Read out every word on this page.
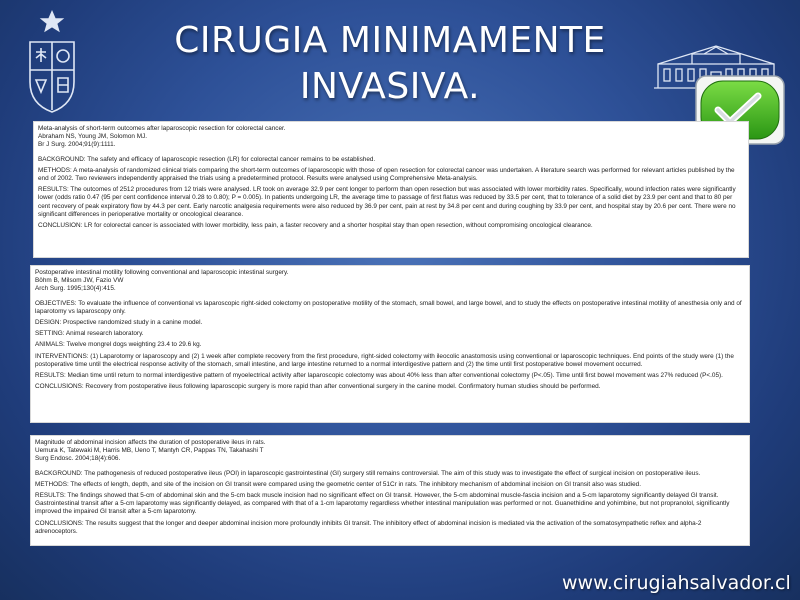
CIRUGIA MINIMAMENTE
INVASIVA.

Meta-analysis of short-term outcomes after laparoscopic resection for colorectal cancer.

Abraham NS, Young JM, Solomon MJ.

Br J Surg. 2004;91(9):1111.

BACKGROUND: The safety and efficacy of laparoscopic resection (LR) for colorectal cancer remains to be established.

METHODS: A meta-analysis of randomized clinical trials comparing the short-term outcomes of laparoscopic with those of open resection for colorectal cancer was undertaken. A literature search was performed for relevant articles published by the end of 2002. Two reviewers independently appraised the trials using a predetermined protocol. Results were analysed using Comprehensive Meta-analysis.

RESULTS: The outcomes of 2512 procedures from 12 trials were analysed. LR took on average 32.9 per cent longer to perform than open resection but was associated with lower morbidity rates. Specifically, wound infection rates were significantly lower (odds ratio 0.47 (95 per cent confidence interval 0.28 to 0.80); P = 0.005). In patients undergoing LR, the average time to passage of first flatus was reduced by 33.5 per cent, that to tolerance of a solid diet by 23.9 per cent and that to 80 per cent recovery of peak expiratory flow by 44.3 per cent. Early narcotic analgesia requirements were also reduced by 36.9 per cent, pain at rest by 34.8 per cent and during coughing by 33.9 per cent, and hospital stay by 20.6 per cent. There were no significant differences in perioperative mortality or oncological clearance.

CONCLUSION: LR for colorectal cancer is associated with lower morbidity, less pain, a faster recovery and a shorter hospital stay than open resection, without compromising oncological clearance.

Postoperative intestinal motility following conventional and laparoscopic intestinal surgery.

Böhm B, Milsom JW, Fazio VW

Arch Surg. 1995;130(4):415.

OBJECTIVES: To evaluate the influence of conventional vs laparoscopic right-sided colectomy on postoperative motility of the stomach, small bowel, and large bowel, and to study the effects on postoperative intestinal motility of anesthesia only and of laparotomy vs laparoscopy only.

DESIGN: Prospective randomized study in a canine model.

SETTING: Animal research laboratory.

ANIMALS: Twelve mongrel dogs weighting 23.4 to 29.6 kg.

INTERVENTIONS: (1) Laparotomy or laparoscopy and (2) 1 week after complete recovery from the first procedure, right-sided colectomy with ileocolic anastomosis using conventional or laparoscopic techniques. End points of the study were (1) the postoperative time until the electrical response activity of the stomach, small intestine, and large intestine returned to a normal interdigestive pattern and (2) the time until first postoperative bowel movement occurred.

RESULTS: Median time until return to normal interdigestive pattern of myoelectrical activity after laparoscopic colectomy was about 40% less than after conventional colectomy (P<.05). Time until first bowel movement was 27% reduced (P<.05).

CONCLUSIONS: Recovery from postoperative ileus following laparoscopic surgery is more rapid than after conventional surgery in the canine model. Confirmatory human studies should be performed.

Magnitude of abdominal incision affects the duration of postoperative ileus in rats.

Uemura K, Tatewaki M, Harris MB, Ueno T, Mantyh CR, Pappas TN, Takahashi T

Surg Endosc. 2004;18(4):606.

BACKGROUND: The pathogenesis of reduced postoperative ileus (POI) in laparoscopic gastrointestinal (GI) surgery still remains controversial. The aim of this study was to investigate the effect of surgical incision on postoperative ileus.

METHODS: The effects of length, depth, and site of the incision on GI transit were compared using the geometric center of 51Cr in rats. The inhibitory mechanism of abdominal incision on GI transit also was studied.

RESULTS: The findings showed that 5-cm of abdominal skin and the 5-cm back muscle incision had no significant effect on GI transit. However, the 5-cm abdominal muscle-fascia incision and a 5-cm laparotomy significantly delayed GI transit. Gastrointestinal transit after a 5-cm laparotomy was significantly delayed, as compared with that of a 1-cm laparotomy regardless whether intestinal manipulation was performed or not. Guanethidine and yohimbine, but not propranolol, significantly improved the impaired GI transit after a 5-cm laparotomy.

CONCLUSIONS: The results suggest that the longer and deeper abdominal incision more profoundly inhibits GI transit. The inhibitory effect of abdominal incision is mediated via the activation of the somatosympathetic reflex and alpha-2 adrenoceptors.

www.cirugiahsalvador.cl
